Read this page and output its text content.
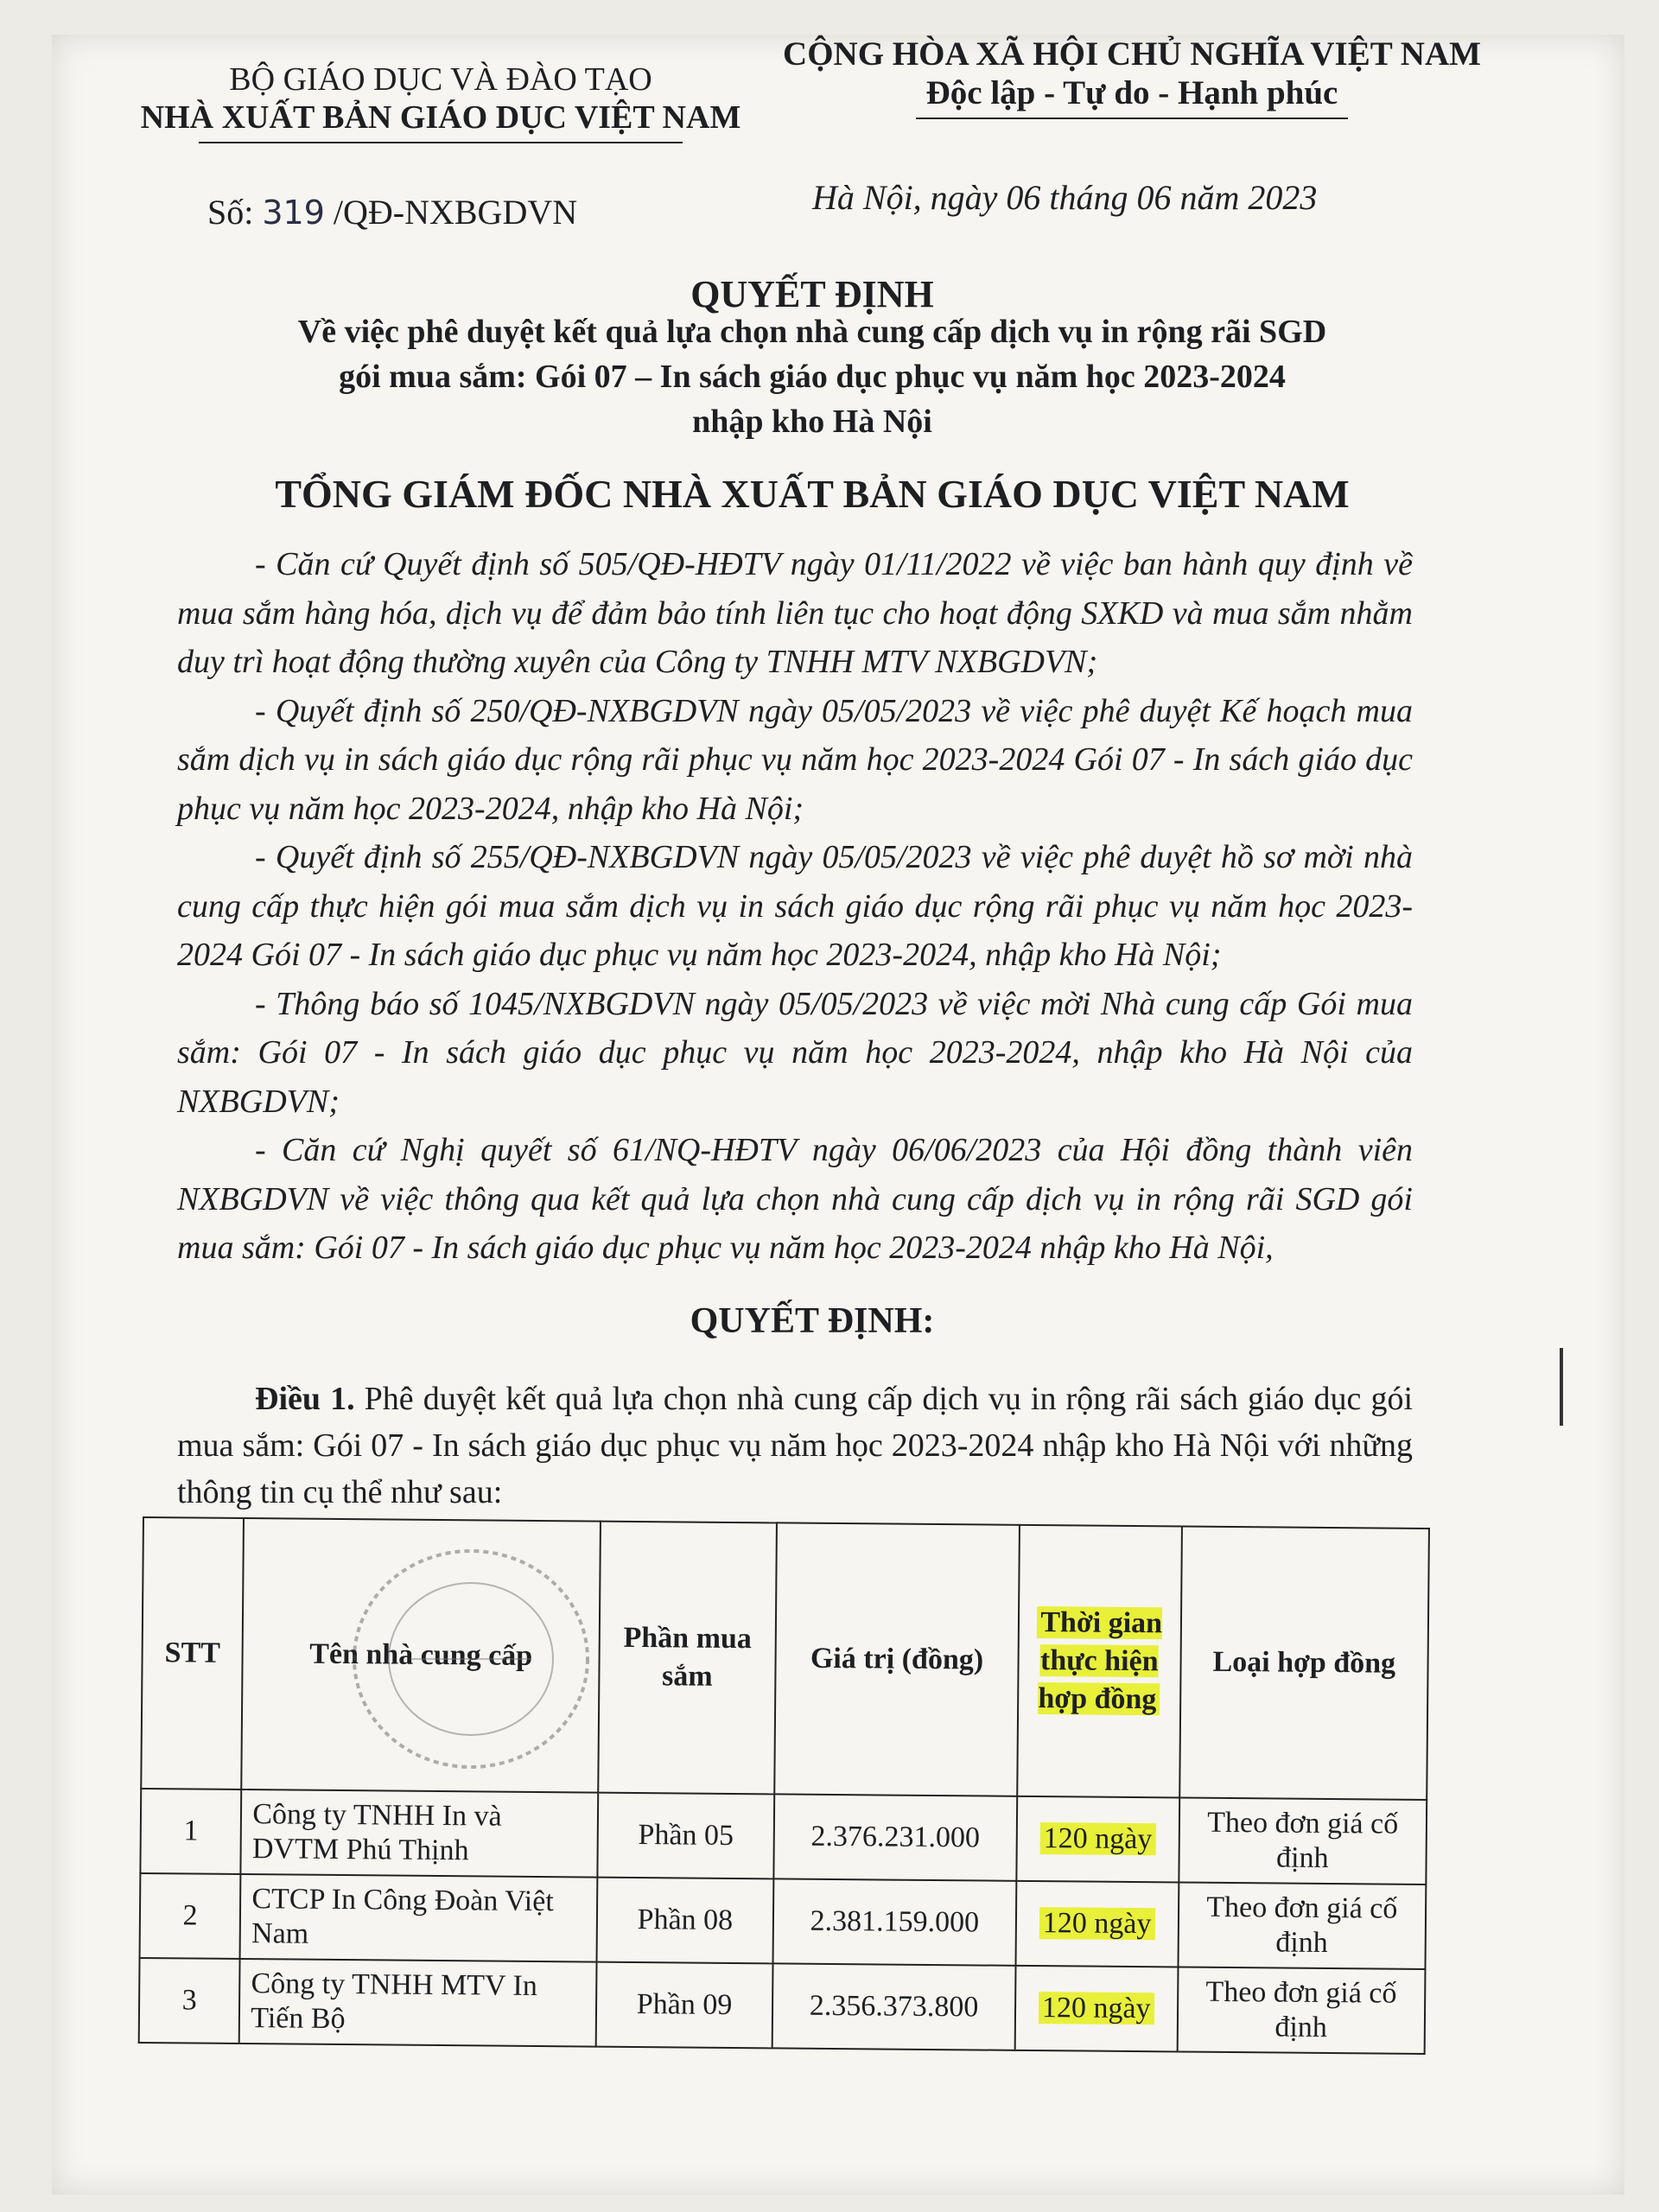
BỘ GIÁO DỤC VÀ ĐÀO TẠO
NHÀ XUẤT BẢN GIÁO DỤC VIỆT NAM
CỘNG HÒA XÃ HỘI CHỦ NGHĨA VIỆT NAM
Độc lập - Tự do - Hạnh phúc
Số: 319 /QĐ-NXBGDVN	Hà Nội, ngày 06 tháng 06 năm 2023
QUYẾT ĐỊNH
Về việc phê duyệt kết quả lựa chọn nhà cung cấp dịch vụ in rộng rãi SGD
gói mua sắm: Gói 07 – In sách giáo dục phục vụ năm học 2023-2024
nhập kho Hà Nội
TỔNG GIÁM ĐỐC NHÀ XUẤT BẢN GIÁO DỤC VIỆT NAM

- Căn cứ Quyết định số 505/QĐ-HĐTV ngày 01/11/2022 về việc ban hành quy định về mua sắm hàng hóa, dịch vụ để đảm bảo tính liên tục cho hoạt động SXKD và mua sắm nhằm duy trì hoạt động thường xuyên của Công ty TNHH MTV NXBGDVN;

- Quyết định số 250/QĐ-NXBGDVN ngày 05/05/2023 về việc phê duyệt Kế hoạch mua sắm dịch vụ in sách giáo dục rộng rãi phục vụ năm học 2023-2024 Gói 07 - In sách giáo dục phục vụ năm học 2023-2024, nhập kho Hà Nội;

- Quyết định số 255/QĐ-NXBGDVN ngày 05/05/2023 về việc phê duyệt hồ sơ mời nhà cung cấp thực hiện gói mua sắm dịch vụ in sách giáo dục rộng rãi phục vụ năm học 2023-2024 Gói 07 - In sách giáo dục phục vụ năm học 2023-2024, nhập kho Hà Nội;

- Thông báo số 1045/NXBGDVN ngày 05/05/2023 về việc mời Nhà cung cấp Gói mua sắm: Gói 07 - In sách giáo dục phục vụ năm học 2023-2024, nhập kho Hà Nội của NXBGDVN;

- Căn cứ Nghị quyết số 61/NQ-HĐTV ngày 06/06/2023 của Hội đồng thành viên NXBGDVN về việc thông qua kết quả lựa chọn nhà cung cấp dịch vụ in rộng rãi SGD gói mua sắm: Gói 07 - In sách giáo dục phục vụ năm học 2023-2024 nhập kho Hà Nội,

QUYẾT ĐỊNH:

Điều 1. Phê duyệt kết quả lựa chọn nhà cung cấp dịch vụ in rộng rãi sách giáo dục gói mua sắm: Gói 07 - In sách giáo dục phục vụ năm học 2023-2024 nhập kho Hà Nội với những thông tin cụ thể như sau:

STT	Tên nhà cung cấp	Phần mua sắm	Giá trị (đồng)	Thời gian thực hiện hợp đồng	Loại hợp đồng
1	Công ty TNHH In và DVTM Phú Thịnh	Phần 05	2.376.231.000	120 ngày	Theo đơn giá cố định
2	CTCP In Công Đoàn Việt Nam	Phần 08	2.381.159.000	120 ngày	Theo đơn giá cố định
3	Công ty TNHH MTV In Tiến Bộ	Phần 09	2.356.373.800	120 ngày	Theo đơn giá cố định
